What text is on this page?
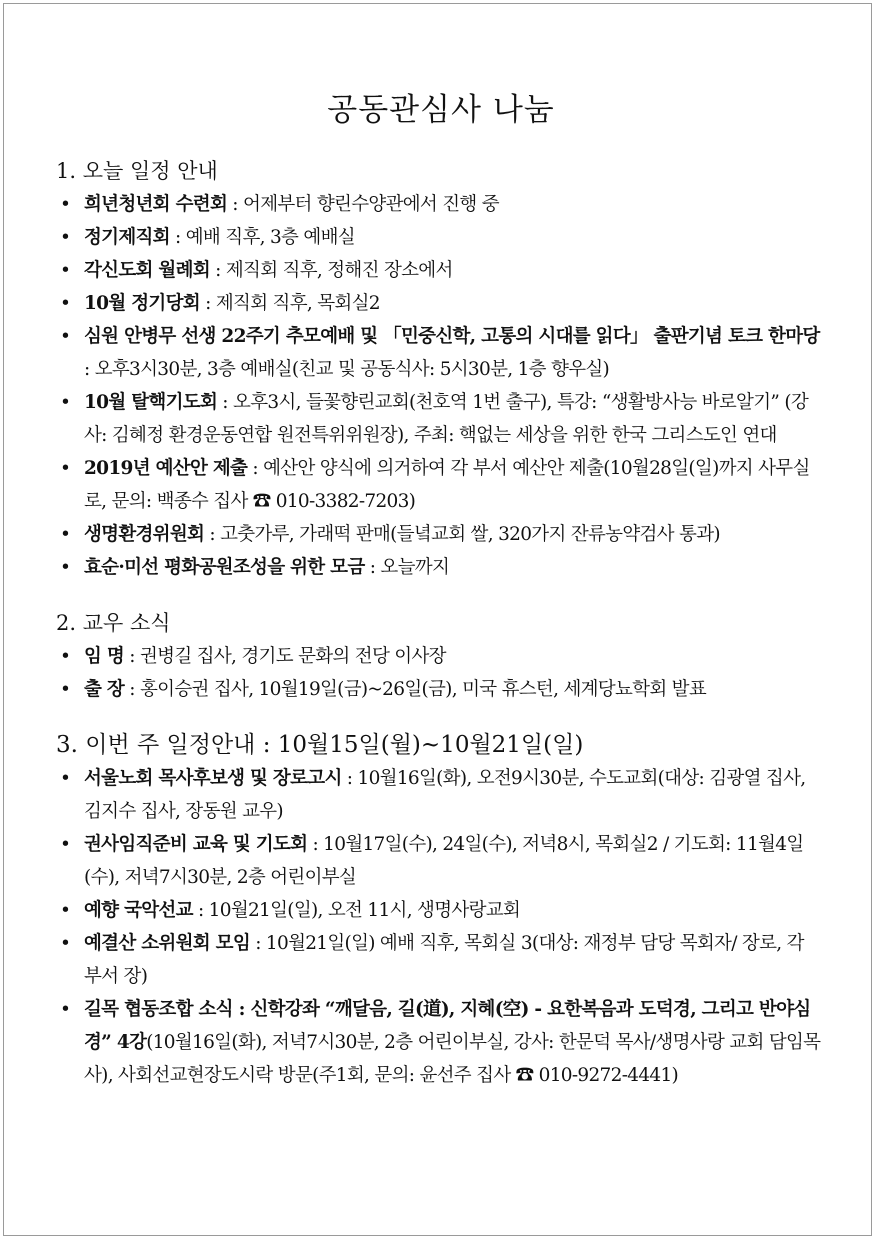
공동관심사 나눔

1. 오늘 일정 안내

• 희년청년회 수련회 : 어제부터 향린수양관에서 진행 중
• 정기제직회 : 예배 직후, 3층 예배실
• 각신도회 월례회 : 제직회 직후, 정해진 장소에서
• 10월 정기당회 : 제직회 직후, 목회실2
• 심원 안병무 선생 22주기 추모예배 및 「민중신학, 고통의 시대를 읽다」 출판기념 토크 한마당 : 오후3시30분, 3층 예배실(친교 및 공동식사: 5시30분, 1층 향우실)
• 10월 탈핵기도회 : 오후3시, 들꽃향린교회(천호역 1번 출구), 특강: “생활방사능 바로알기” (강사: 김혜정 환경운동연합 원전특위위원장), 주최: 핵없는 세상을 위한 한국 그리스도인 연대
• 2019년 예산안 제출 : 예산안 양식에 의거하여 각 부서 예산안 제출(10월28일(일)까지 사무실로, 문의: 백종수 집사 ☎ 010-3382-7203)
• 생명환경위원회 : 고춧가루, 가래떡 판매(들녘교회 쌀, 320가지 잔류농약검사 통과)
• 효순·미선 평화공원조성을 위한 모금 : 오늘까지

2. 교우 소식

• 임 명 : 권병길 집사, 경기도 문화의 전당 이사장
• 출 장 : 홍이승권 집사, 10월19일(금)~26일(금), 미국 휴스턴, 세계당뇨학회 발표

3. 이번 주 일정안내 : 10월15일(월)~10월21일(일)

• 서울노회 목사후보생 및 장로고시 : 10월16일(화), 오전9시30분, 수도교회(대상: 김광열 집사, 김지수 집사, 장동원 교우)
• 권사임직준비 교육 및 기도회 : 10월17일(수), 24일(수), 저녁8시, 목회실2 / 기도회: 11월4일(수), 저녁7시30분, 2층 어린이부실
• 예향 국악선교 : 10월21일(일), 오전 11시, 생명사랑교회
• 예결산 소위원회 모임 : 10월21일(일) 예배 직후, 목회실 3(대상: 재정부 담당 목회자/ 장로, 각 부서 장)
• 길목 협동조합 소식 : 신학강좌 “깨달음, 길(道), 지혜(空) - 요한복음과 도덕경, 그리고 반야심경” 4강(10월16일(화), 저녁7시30분, 2층 어린이부실, 강사: 한문덕 목사/생명사랑 교회 담임목사), 사회선교현장도시락 방문(주1회, 문의: 윤선주 집사 ☎ 010-9272-4441)
